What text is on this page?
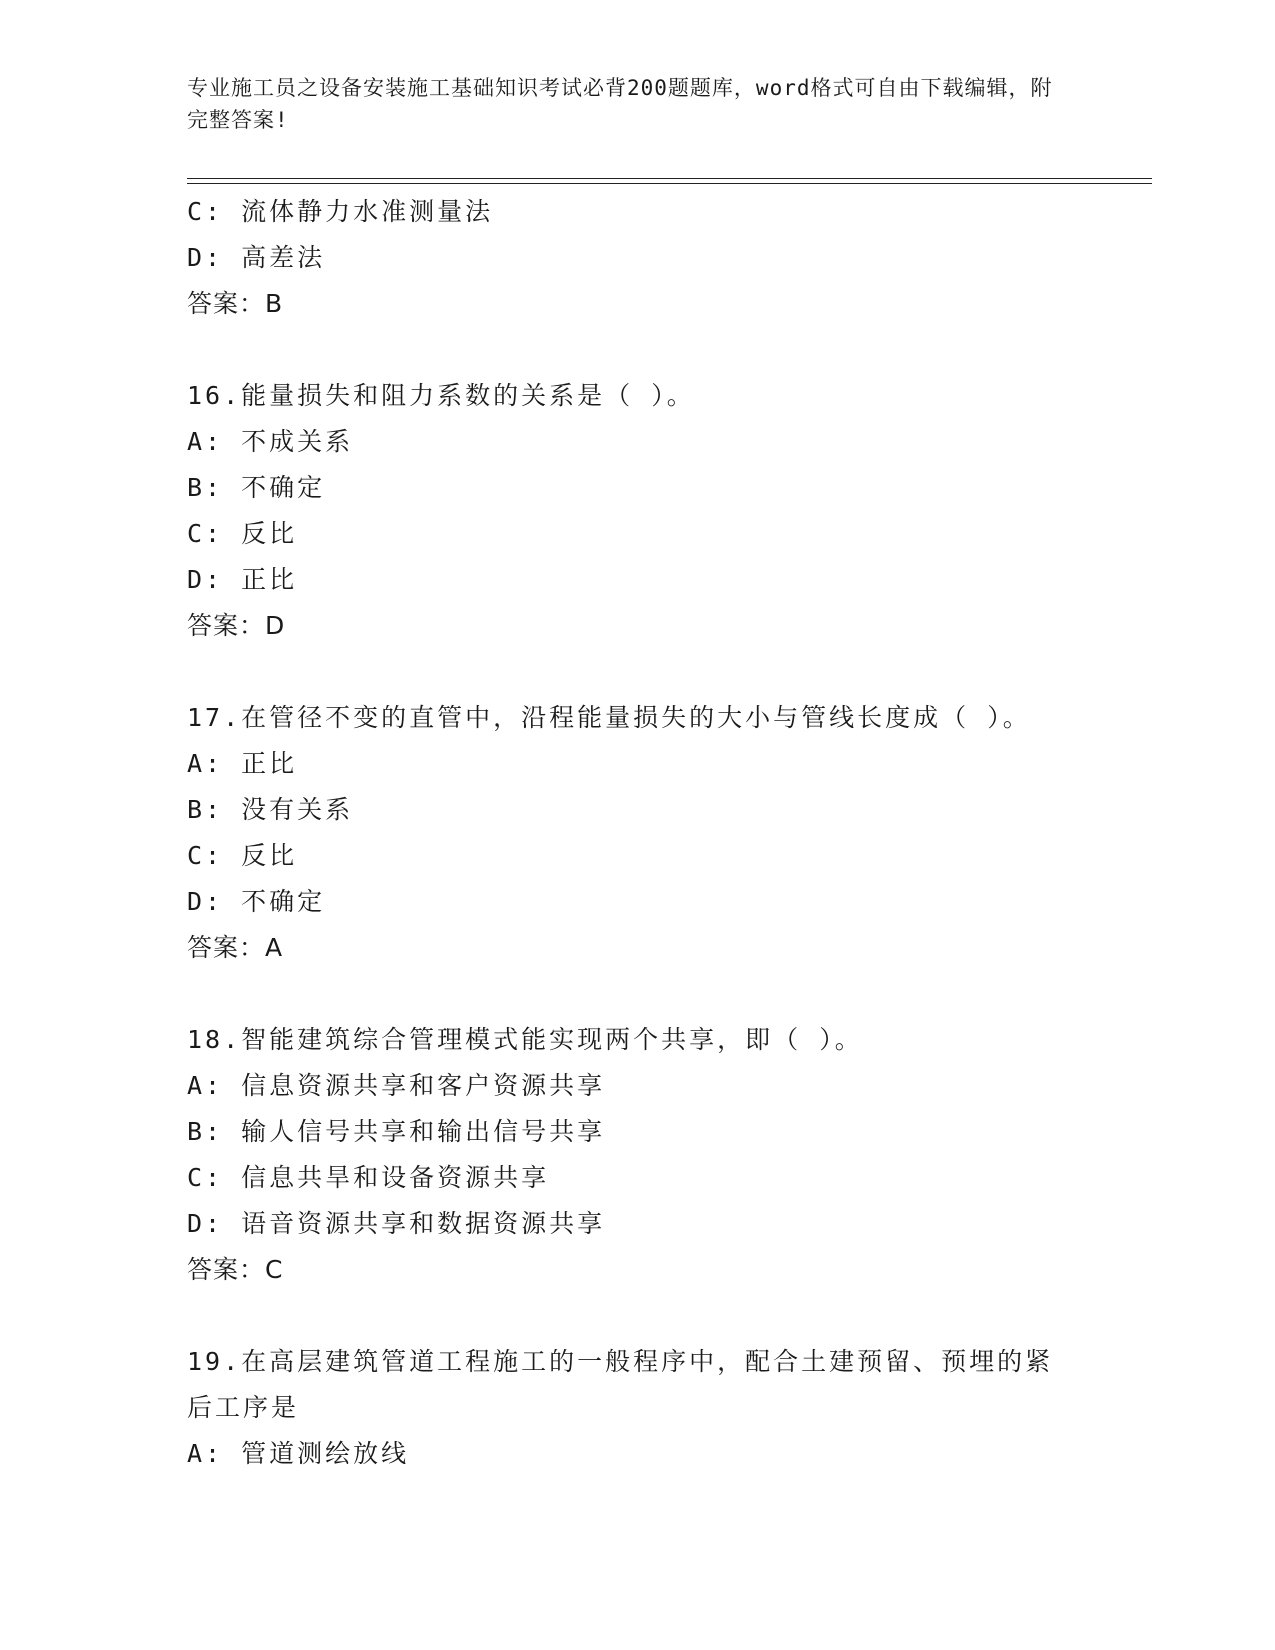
专业施工员之设备安装施工基础知识考试必背200题题库，word格式可自由下载编辑，附完整答案!
C: 流体静力水准测量法
D: 高差法
答案：B
16.能量损失和阻力系数的关系是（ ）。
A: 不成关系
B: 不确定
C: 反比
D: 正比
答案：D
17.在管径不变的直管中，沿程能量损失的大小与管线长度成（ ）。
A: 正比
B: 没有关系
C: 反比
D: 不确定
答案：A
18.智能建筑综合管理模式能实现两个共享，即（ ）。
A: 信息资源共享和客户资源共享
B: 输人信号共享和输出信号共享
C: 信息共旱和设备资源共享
D: 语音资源共享和数据资源共享
答案：C
19.在高层建筑管道工程施工的一般程序中，配合土建预留、预埋的紧后工序是
A: 管道测绘放线
